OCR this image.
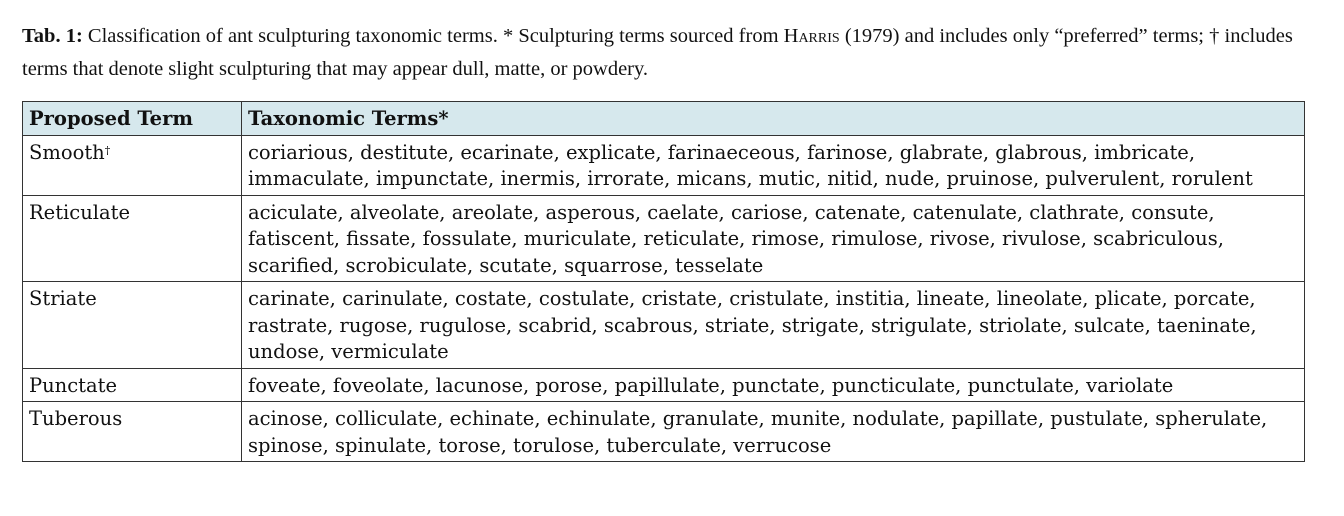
Tab. 1: Classification of ant sculpturing taxonomic terms. * Sculpturing terms sourced from Harris (1979) and includes only “preferred” terms; † includes terms that denote slight sculpturing that may appear dull, matte, or powdery.
Proposed Term	Taxonomic Terms*
Smooth†	coriarious, destitute, ecarinate, explicate, farinaeceous, farinose, glabrate, glabrous, imbricate, immaculate, impunctate, inermis, irrorate, micans, mutic, nitid, nude, pruinose, pulverulent, rorulent
Reticulate	aciculate, alveolate, areolate, asperous, caelate, cariose, catenate, catenulate, clathrate, consute, fatiscent, fissate, fossulate, muriculate, reticulate, rimose, rimulose, rivose, rivulose, scabriculous, scarified, scrobiculate, scutate, squarrose, tesselate
Striate	carinate, carinulate, costate, costulate, cristate, cristulate, institia, lineate, lineolate, plicate, porcate, rastrate, rugose, rugulose, scabrid, scabrous, striate, strigate, strigulate, striolate, sulcate, taeninate, undose, vermiculate
Punctate	foveate, foveolate, lacunose, porose, papillulate, punctate, puncticulate, punctulate, variolate
Tuberous	acinose, colliculate, echinate, echinulate, granulate, munite, nodulate, papillate, pustulate, spherulate, spinose, spinulate, torose, torulose, tuberculate, verrucose
